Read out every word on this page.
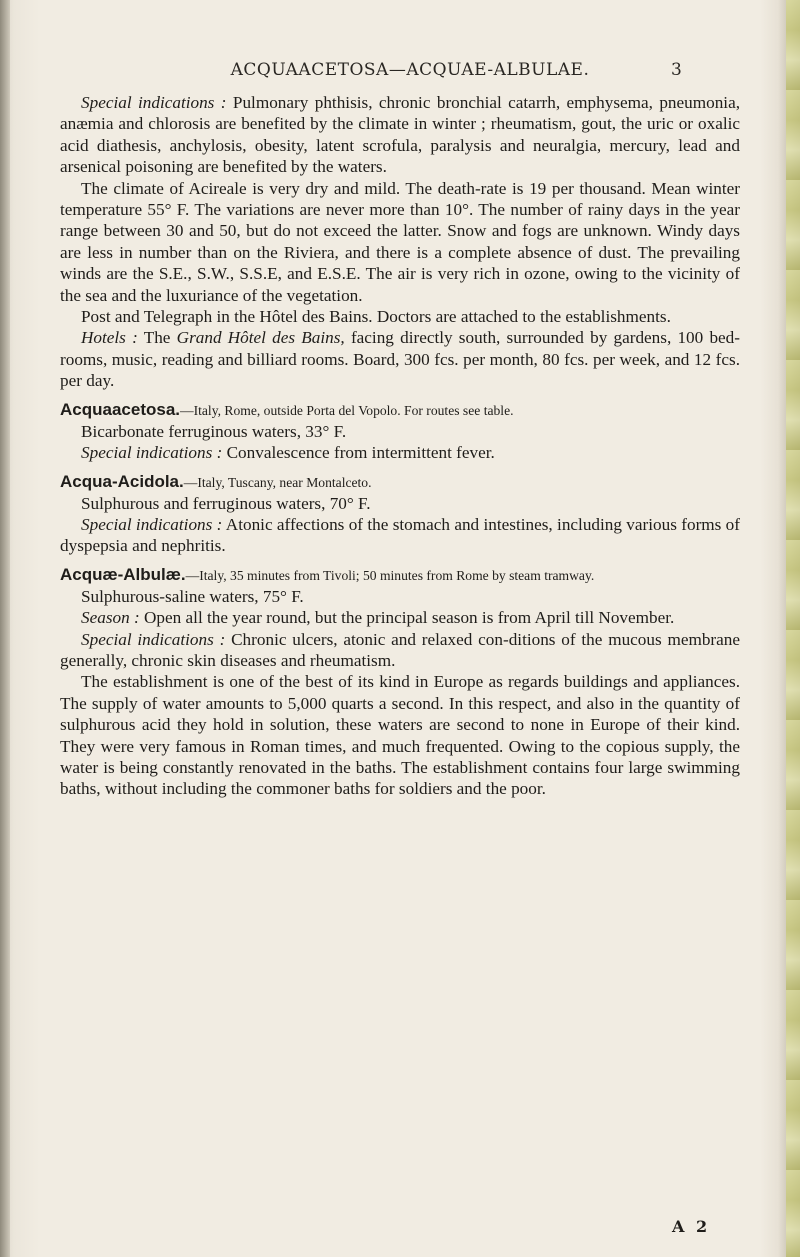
ACQUAACETOSA—ACQUAE-ALBULAE.	3

Special indications : Pulmonary phthisis, chronic bronchial catarrh, emphysema, pneumonia, anæmia and chlorosis are benefited by the climate in winter ; rheumatism, gout, the uric or oxalic acid diathesis, anchylosis, obesity, latent scrofula, paralysis and neuralgia, mercury, lead and arsenical poisoning are benefited by the waters.

The climate of Acireale is very dry and mild. The death-rate is 19 per thousand. Mean winter temperature 55° F. The variations are never more than 10°. The number of rainy days in the year range between 30 and 50, but do not exceed the latter. Snow and fogs are unknown. Windy days are less in number than on the Riviera, and there is a complete absence of dust. The prevailing winds are the S.E., S.W., S.S.E, and E.S.E. The air is very rich in ozone, owing to the vicinity of the sea and the luxuriance of the vegetation.

Post and Telegraph in the Hôtel des Bains. Doctors are attached to the establishments.

Hotels : The Grand Hôtel des Bains, facing directly south, surrounded by gardens, 100 bed-rooms, music, reading and billiard rooms. Board, 300 fcs. per month, 80 fcs. per week, and 12 fcs. per day.

Acquaacetosa.—Italy, Rome, outside Porta del Vopolo. For routes see table.

Bicarbonate ferruginous waters, 33° F.

Special indications : Convalescence from intermittent fever.

Acqua-Acidola.—Italy, Tuscany, near Montalceto.

Sulphurous and ferruginous waters, 70° F.

Special indications : Atonic affections of the stomach and intestines, including various forms of dyspepsia and nephritis.

Acquæ-Albulæ.—Italy, 35 minutes from Tivoli; 50 minutes from Rome by steam tramway.

Sulphurous-saline waters, 75° F.

Season : Open all the year round, but the principal season is from April till November.

Special indications : Chronic ulcers, atonic and relaxed con-ditions of the mucous membrane generally, chronic skin diseases and rheumatism.

The establishment is one of the best of its kind in Europe as regards buildings and appliances. The supply of water amounts to 5,000 quarts a second. In this respect, and also in the quantity of sulphurous acid they hold in solution, these waters are second to none in Europe of their kind. They were very famous in Roman times, and much frequented. Owing to the copious supply, the water is being constantly renovated in the baths. The establishment contains four large swimming baths, without including the commoner baths for soldiers and the poor.

A 2
